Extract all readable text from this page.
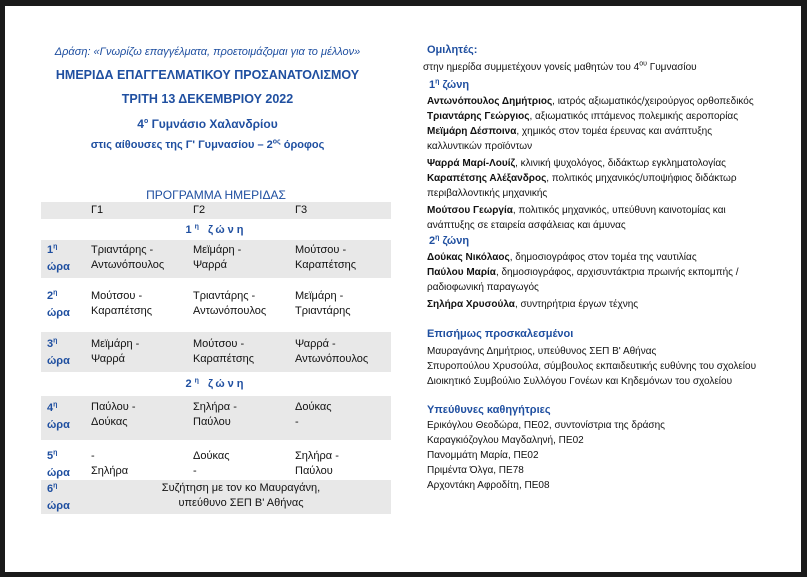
Δράση: «Γνωρίζω επαγγέλματα, προετοιμάζομαι για το μέλλον»
ΗΜΕΡΙΔΑ ΕΠΑΓΓΕΛΜΑΤΙΚΟΥ ΠΡΟΣΑΝΑΤΟΛΙΣΜΟΥ
ΤΡΙΤΗ 13 ΔΕΚΕΜΒΡΙΟΥ 2022
$4^o$ Γυμνάσιο Χαλανδρίου
στις αίθουσες της Γ' Γυμνασίου – $2^{o\varsigma}$ όροφος
ΠΡΟΓΡΑΜΜΑ ΗΜΕΡΙΔΑΣ
Γ1	Γ2	Γ3
$1^\eta$ ζώνη
$1^\eta$
ώρα
Τριαντάρης -
Αντωνόπουλος
Μεϊμάρη -
Ψαρρά
Μούτσου -
Καραπέτσης
$2^\eta$
ώρα
Μούτσου -
Καραπέτσης
Τριαντάρης -
Αντωνόπουλος
Μεϊμάρη -
Τριαντάρης
$3^\eta$
ώρα
Μεϊμάρη -
Ψαρρά
Μούτσου -
Καραπέτσης
Ψαρρά -
Αντωνόπουλος
$2^\eta$ ζώνη
$4^\eta$
ώρα
Παύλου -
Δούκας
Σηλήρα -
Παύλου
Δούκας
-
$5^\eta$
ώρα
-
Σηλήρα
Δούκας
-
Σηλήρα -
Παύλου
$6^\eta$
ώρα
Συζήτηση με τον κο Μαυραγάνη,
υπεύθυνο ΣΕΠ Β' Αθήνας
Ομιλητές:
στην ημερίδα συμμετέχουν γονείς μαθητών του $4^{o\upsilon}$ Γυμνασίου
$1^\eta$ ζώνη
Αντωνόπουλος Δημήτριος, ιατρός αξιωματικός/χειρούργος ορθοπεδικός
Τριαντάρης Γεώργιος, αξιωματικός ιπτάμενος πολεμικής αεροπορίας
Μεϊμάρη Δέσποινα, χημικός στον τομέα έρευνας και ανάπτυξης
καλλυντικών προϊόντων
Ψαρρά Μαρί-Λουίζ, κλινική ψυχολόγος, διδάκτωρ εγκληματολογίας
Καραπέτσης Αλέξανδρος, πολιτικός μηχανικός/υποψήφιος διδάκτωρ
περιβαλλοντικής μηχανικής
Μούτσου Γεωργία, πολιτικός μηχανικός, υπεύθυνη καινοτομίας και
ανάπτυξης σε εταιρεία ασφάλειας και άμυνας
$2^\eta$ ζώνη
Δούκας Νικόλαος, δημοσιογράφος στον τομέα της ναυτιλίας
Παύλου Μαρία, δημοσιογράφος, αρχισυντάκτρια πρωινής εκπομπής /
ραδιοφωνική παραγωγός
Σηλήρα Χρυσούλα, συντηρήτρια έργων τέχνης
Επισήμως προσκαλεσμένοι
Μαυραγάνης Δημήτριος, υπεύθυνος ΣΕΠ Β' Αθήνας
Σπυροπούλου Χρυσούλα, σύμβουλος εκπαιδευτικής ευθύνης του σχολείου
Διοικητικό Συμβούλιο Συλλόγου Γονέων και Κηδεμόνων του σχολείου
Υπεύθυνες καθηγήτριες
Ερικόγλου Θεοδώρα, ΠΕ02, συντονίστρια της δράσης
Καραγκιόζογλου Μαγδαληνή, ΠΕ02
Πανομμάτη Μαρία, ΠΕ02
Πριμέντα Όλγα, ΠΕ78
Αρχοντάκη Αφροδίτη, ΠΕ08
